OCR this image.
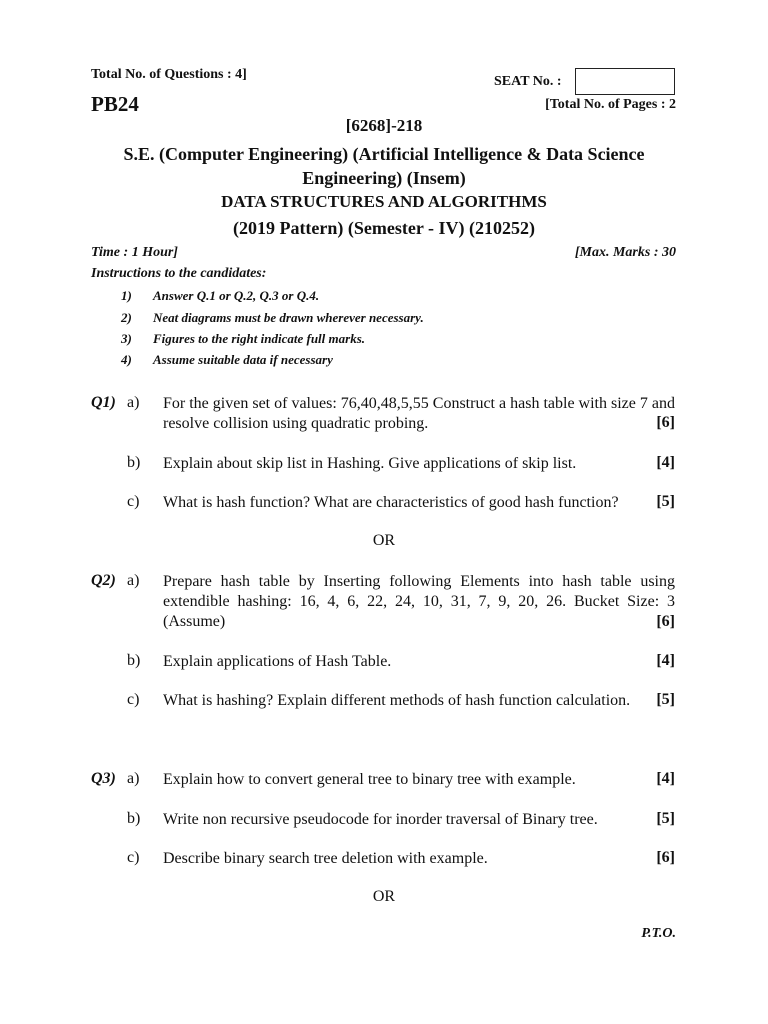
Total No. of Questions : 4]	SEAT No. :
PB24	[Total No. of Pages : 2
[6268]-218
S.E. (Computer Engineering) (Artificial Intelligence & Data Science
Engineering) (Insem)
DATA STRUCTURES AND ALGORITHMS
(2019 Pattern) (Semester - IV) (210252)
Time : 1 Hour]	[Max. Marks : 30
Instructions to the candidates:
1) Answer Q.1 or Q.2, Q.3 or Q.4.
2) Neat diagrams must be drawn wherever necessary.
3) Figures to the right indicate full marks.
4) Assume suitable data if necessary
Q1) a) For the given set of values: 76,40,48,5,55 Construct a hash table with size 7 and resolve collision using quadratic probing.	[6]
b) Explain about skip list in Hashing. Give applications of skip list.	[4]
c) What is hash function? What are characteristics of good hash function?	[5]
OR
Q2) a) Prepare hash table by Inserting following Elements into hash table using extendible hashing: 16, 4, 6, 22, 24, 10, 31, 7, 9, 20, 26. Bucket Size: 3 (Assume)	[6]
b) Explain applications of Hash Table.	[4]
c) What is hashing? Explain different methods of hash function calculation.	[5]
Q3) a) Explain how to convert general tree to binary tree with example.	[4]
b) Write non recursive pseudocode for inorder traversal of Binary tree.	[5]
c) Describe binary search tree deletion with example.	[6]
OR
P.T.O.
